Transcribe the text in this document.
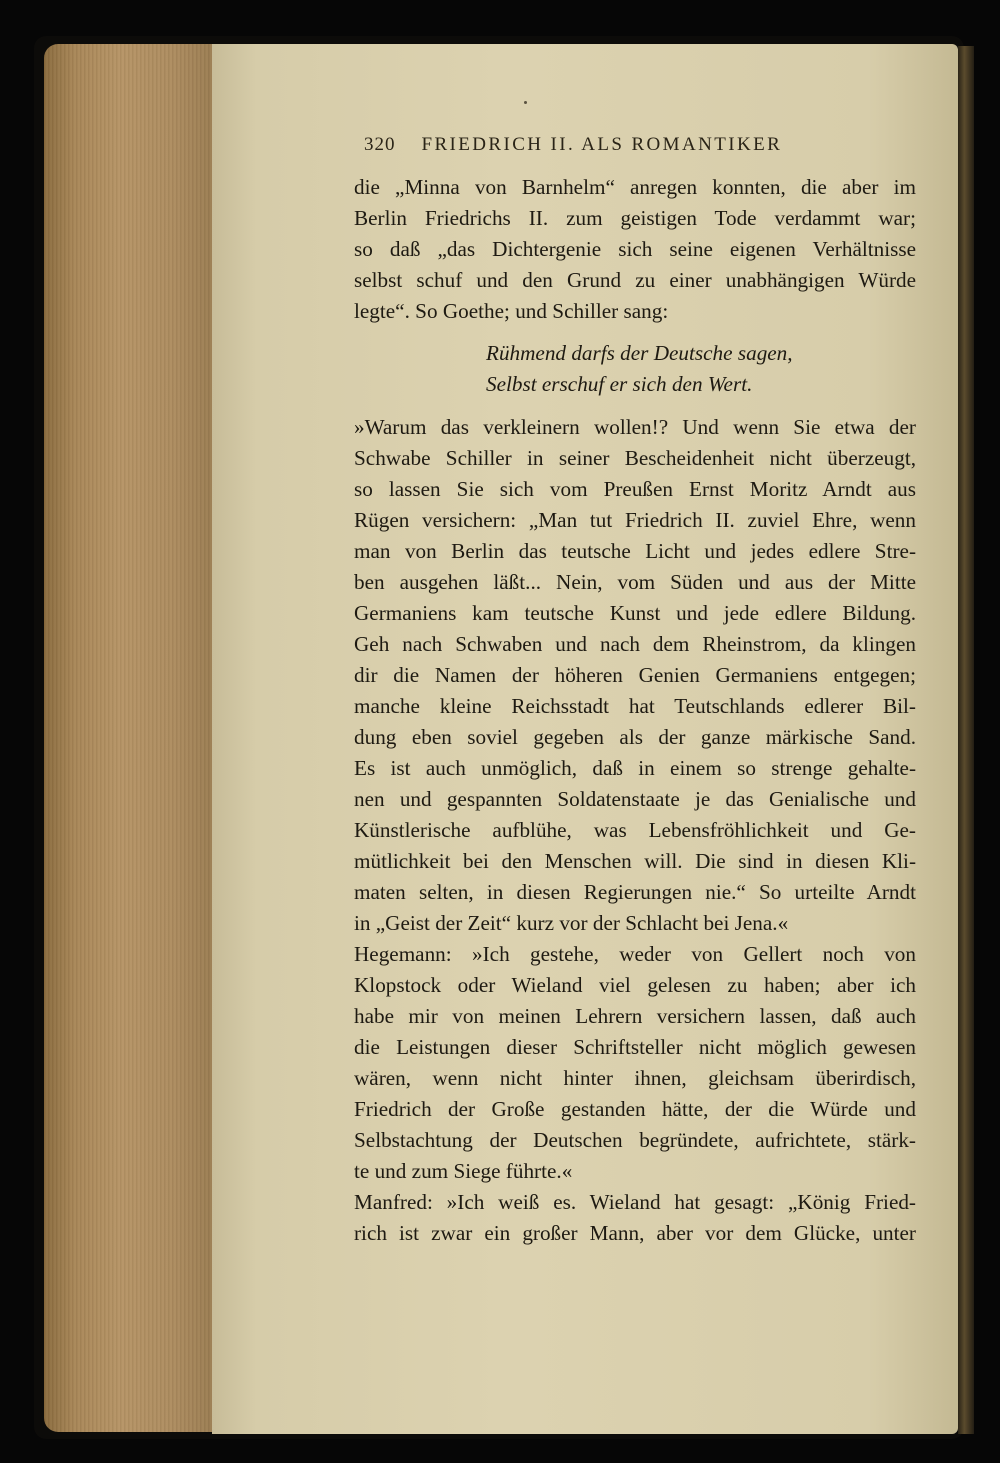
320 FRIEDRICH II. ALS ROMANTIKER
die „Minna von Barnhelm“ anregen konnten, die aber im
Berlin Friedrichs II. zum geistigen Tode verdammt war;
so daß „das Dichtergenie sich seine eigenen Verhältnisse
selbst schuf und den Grund zu einer unabhängigen Würde
legte“. So Goethe; und Schiller sang:
Rühmend darfs der Deutsche sagen,
Selbst erschuf er sich den Wert.
»Warum das verkleinern wollen!? Und wenn Sie etwa der
Schwabe Schiller in seiner Bescheidenheit nicht überzeugt,
so lassen Sie sich vom Preußen Ernst Moritz Arndt aus
Rügen versichern: „Man tut Friedrich II. zuviel Ehre, wenn
man von Berlin das teutsche Licht und jedes edlere Stre-
ben ausgehen läßt... Nein, vom Süden und aus der Mitte
Germaniens kam teutsche Kunst und jede edlere Bildung.
Geh nach Schwaben und nach dem Rheinstrom, da klingen
dir die Namen der höheren Genien Germaniens entgegen;
manche kleine Reichsstadt hat Teutschlands edlerer Bil-
dung eben soviel gegeben als der ganze märkische Sand.
Es ist auch unmöglich, daß in einem so strenge gehalte-
nen und gespannten Soldatenstaate je das Genialische und
Künstlerische aufblühe, was Lebensfröhlichkeit und Ge-
mütlichkeit bei den Menschen will. Die sind in diesen Kli-
maten selten, in diesen Regierungen nie.“ So urteilte Arndt
in „Geist der Zeit“ kurz vor der Schlacht bei Jena.«
Hegemann: »Ich gestehe, weder von Gellert noch von
Klopstock oder Wieland viel gelesen zu haben; aber ich
habe mir von meinen Lehrern versichern lassen, daß auch
die Leistungen dieser Schriftsteller nicht möglich gewesen
wären, wenn nicht hinter ihnen, gleichsam überirdisch,
Friedrich der Große gestanden hätte, der die Würde und
Selbstachtung der Deutschen begründete, aufrichtete, stärk-
te und zum Siege führte.«
Manfred: »Ich weiß es. Wieland hat gesagt: „König Fried-
rich ist zwar ein großer Mann, aber vor dem Glücke, unter
